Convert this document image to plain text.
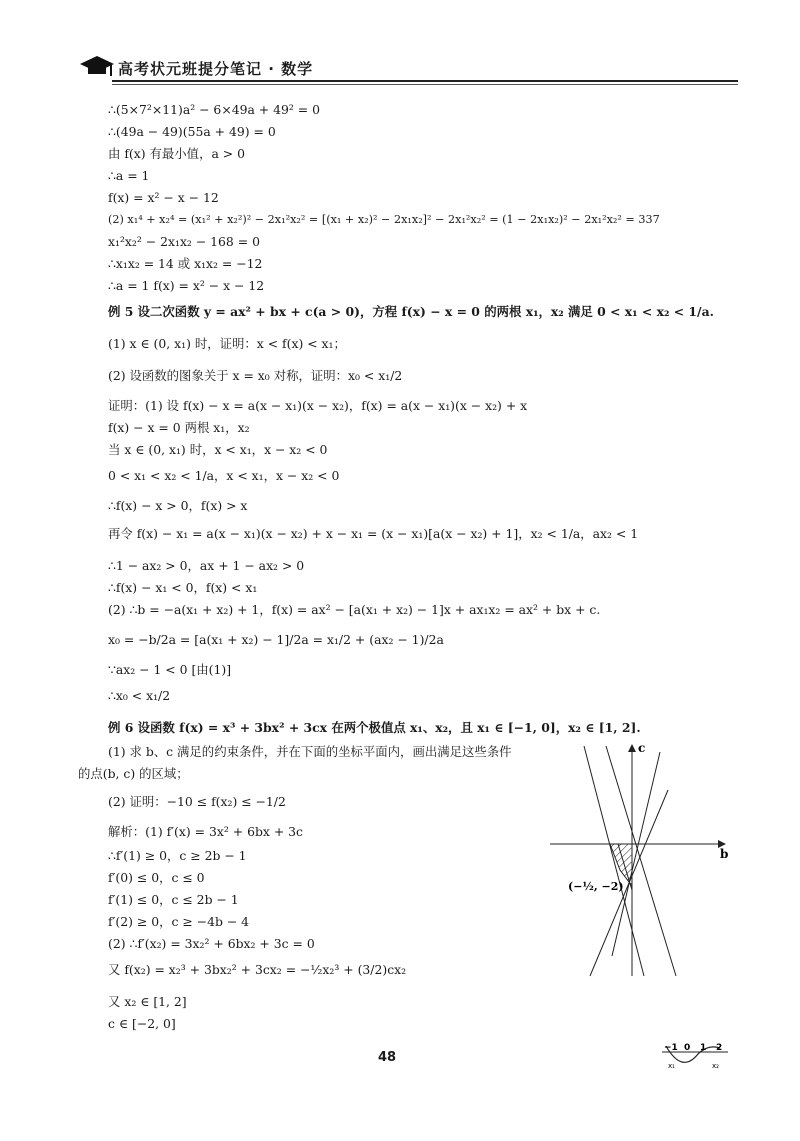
高考状元班提分笔记 · 数学
∴(5×7²×11)a² − 6×49a + 49² = 0
∴(49a − 49)(55a + 49) = 0
由 f(x) 有最小值，a > 0
∴a = 1
f(x) = x² − x − 12
(2) x₁⁴ + x₂⁴ = (x₁² + x₂²)² − 2x₁²x₂² = [(x₁ + x₂)² − 2x₁x₂]² − 2x₁²x₂² = (1 − 2x₁x₂)² − 2x₁²x₂² = 337
x₁²x₂² − 2x₁x₂ − 168 = 0
∴x₁x₂ = 14 或 x₁x₂ = −12
∴a = 1 f(x) = x² − x − 12
例 5 设二次函数 y = ax² + bx + c(a > 0)，方程 f(x) − x = 0 的两根 x₁，x₂ 满足 0 < x₁ < x₂ < 1/a.
(1) x ∈ (0, x₁) 时，证明：x < f(x) < x₁；
(2) 设函数的图象关于 x = x₀ 对称，证明：x₀ < x₁/2
证明：(1) 设 f(x) − x = a(x − x₁)(x − x₂)，f(x) = a(x − x₁)(x − x₂) + x
f(x) − x = 0 两根 x₁，x₂
当 x ∈ (0, x₁) 时，x < x₁，x − x₂ < 0
0 < x₁ < x₂ < 1/a，x < x₁，x − x₂ < 0
∴f(x) − x > 0，f(x) > x
再令 f(x) − x₁ = a(x − x₁)(x − x₂) + x − x₁ = (x − x₁)[a(x − x₂) + 1]，x₂ < 1/a，ax₂ < 1
∴1 − ax₂ > 0，ax + 1 − ax₂ > 0
∴f(x) − x₁ < 0，f(x) < x₁
(2) ∴b = −a(x₁ + x₂) + 1，f(x) = ax² − [a(x₁ + x₂) − 1]x + ax₁x₂ = ax² + bx + c.
x₀ = −b/2a = [a(x₁ + x₂) − 1]/2a = x₁/2 + (ax₂ − 1)/2a
∵ax₂ − 1 < 0 [由(1)]
∴x₀ < x₁/2
例 6 设函数 f(x) = x³ + 3bx² + 3cx 在两个极值点 x₁、x₂，且 x₁ ∈ [−1, 0]，x₂ ∈ [1, 2].
(1) 求 b、c 满足的约束条件，并在下面的坐标平面内，画出满足这些条件
的点(b, c) 的区域；
(2) 证明：−10 ≤ f(x₂) ≤ −1/2
解析：(1) f′(x) = 3x² + 6bx + 3c
∴f′(1) ≥ 0，c ≥ 2b − 1
f′(0) ≤ 0，c ≤ 0
f′(1) ≤ 0，c ≤ 2b − 1
f′(2) ≥ 0，c ≥ −4b − 4
(2) ∴f′(x₂) = 3x₂² + 6bx₂ + 3c = 0
又 f(x₂) = x₂³ + 3bx₂² + 3cx₂ = −½x₂³ + (3/2)cx₂
又 x₂ ∈ [1, 2]
c ∈ [−2, 0]
b
c
(−½, −2)
48
−1 0 1 2
x₁	x₂
